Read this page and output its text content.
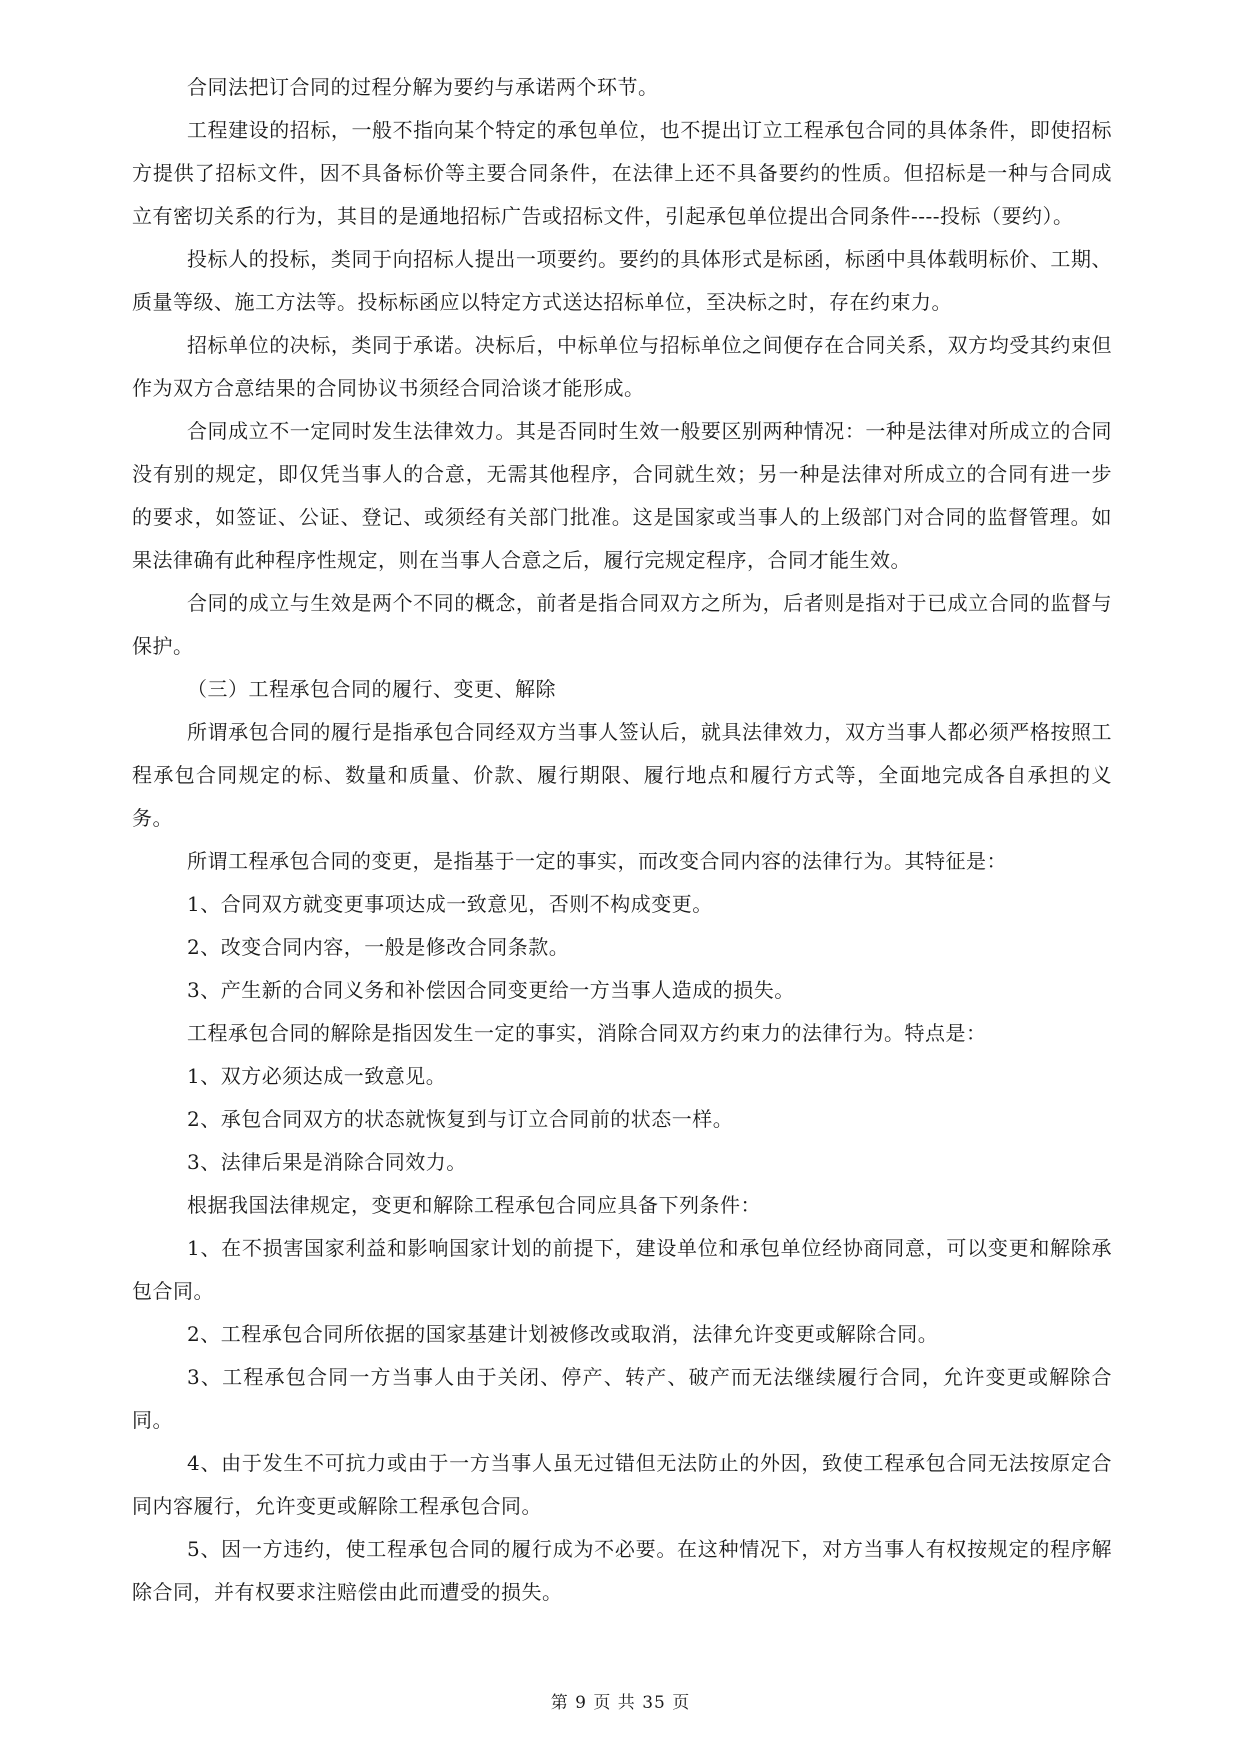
合同法把订合同的过程分解为要约与承诺两个环节。

工程建设的招标，一般不指向某个特定的承包单位，也不提出订立工程承包合同的具体条件，即使招标方提供了招标文件，因不具备标价等主要合同条件，在法律上还不具备要约的性质。但招标是一种与合同成立有密切关系的行为，其目的是通地招标广告或招标文件，引起承包单位提出合同条件----投标（要约）。

投标人的投标，类同于向招标人提出一项要约。要约的具体形式是标函，标函中具体载明标价、工期、质量等级、施工方法等。投标标函应以特定方式送达招标单位，至决标之时，存在约束力。

招标单位的决标，类同于承诺。决标后，中标单位与招标单位之间便存在合同关系，双方均受其约束但作为双方合意结果的合同协议书须经合同洽谈才能形成。

合同成立不一定同时发生法律效力。其是否同时生效一般要区别两种情况：一种是法律对所成立的合同没有别的规定，即仅凭当事人的合意，无需其他程序，合同就生效；另一种是法律对所成立的合同有进一步的要求，如签证、公证、登记、或须经有关部门批准。这是国家或当事人的上级部门对合同的监督管理。如果法律确有此种程序性规定，则在当事人合意之后，履行完规定程序，合同才能生效。

合同的成立与生效是两个不同的概念，前者是指合同双方之所为，后者则是指对于已成立合同的监督与保护。

（三）工程承包合同的履行、变更、解除

所谓承包合同的履行是指承包合同经双方当事人签认后，就具法律效力，双方当事人都必须严格按照工程承包合同规定的标、数量和质量、价款、履行期限、履行地点和履行方式等，全面地完成各自承担的义务。

所谓工程承包合同的变更，是指基于一定的事实，而改变合同内容的法律行为。其特征是：

1、合同双方就变更事项达成一致意见，否则不构成变更。

2、改变合同内容，一般是修改合同条款。

3、产生新的合同义务和补偿因合同变更给一方当事人造成的损失。

工程承包合同的解除是指因发生一定的事实，消除合同双方约束力的法律行为。特点是：

1、双方必须达成一致意见。

2、承包合同双方的状态就恢复到与订立合同前的状态一样。

3、法律后果是消除合同效力。

根据我国法律规定，变更和解除工程承包合同应具备下列条件：

1、在不损害国家利益和影响国家计划的前提下，建设单位和承包单位经协商同意，可以变更和解除承包合同。

2、工程承包合同所依据的国家基建计划被修改或取消，法律允许变更或解除合同。

3、工程承包合同一方当事人由于关闭、停产、转产、破产而无法继续履行合同，允许变更或解除合同。

4、由于发生不可抗力或由于一方当事人虽无过错但无法防止的外因，致使工程承包合同无法按原定合同内容履行，允许变更或解除工程承包合同。

5、因一方违约，使工程承包合同的履行成为不必要。在这种情况下，对方当事人有权按规定的程序解除合同，并有权要求注赔偿由此而遭受的损失。

第 9 页 共 35 页
